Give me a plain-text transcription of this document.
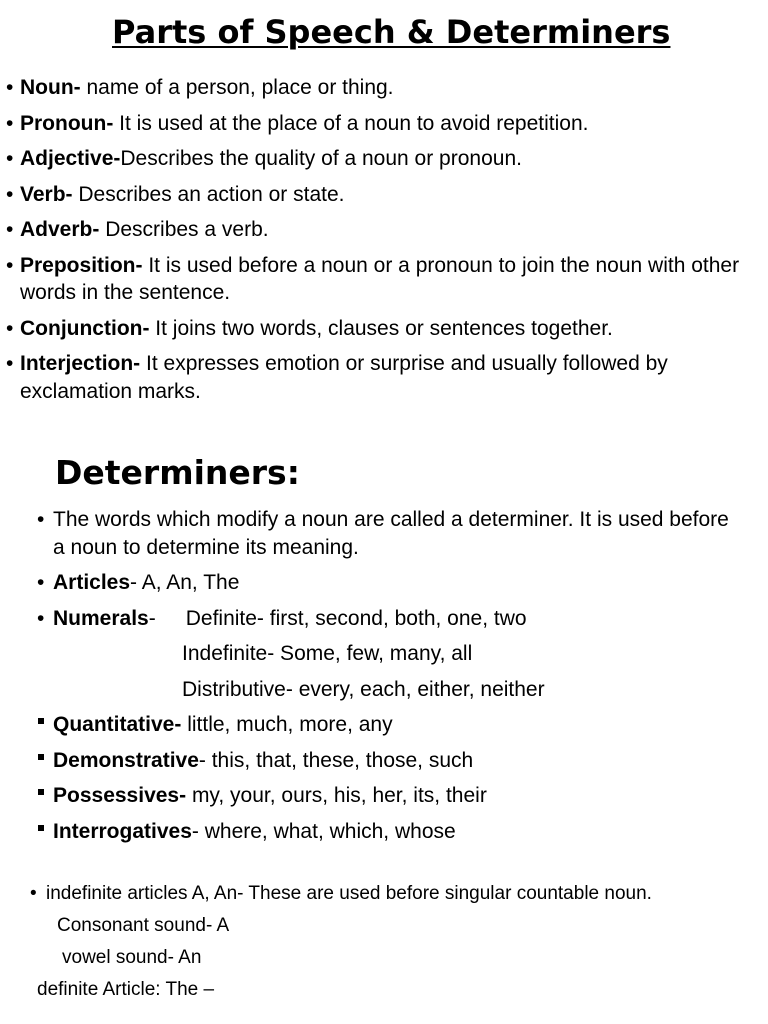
Parts of Speech & Determiners
• Noun- name of a person, place or thing.
• Pronoun- It is used at the place of a noun to avoid repetition.
• Adjective-Describes the quality of a noun or pronoun.
• Verb- Describes an action or state.
• Adverb- Describes a verb.
• Preposition- It is used before a noun or a pronoun to join the noun with other words in the sentence.
• Conjunction- It joins two words, clauses or sentences together.
• Interjection- It expresses emotion or surprise and usually followed by exclamation marks.
Determiners:
• The words which modify a noun are called a determiner. It is used before a noun to determine its meaning.
• Articles- A, An, The
• Numerals- Definite- first, second, both, one, two
Indefinite- Some, few, many, all
Distributive- every, each, either, neither
Quantitative- little, much, more, any
Demonstrative- this, that, these, those, such
Possessives- my, your, ours, his, her, its, their
Interrogatives- where, what, which, whose
• indefinite articles A, An- These are used before singular countable noun.
Consonant sound- A
vowel sound- An
definite Article: The –
